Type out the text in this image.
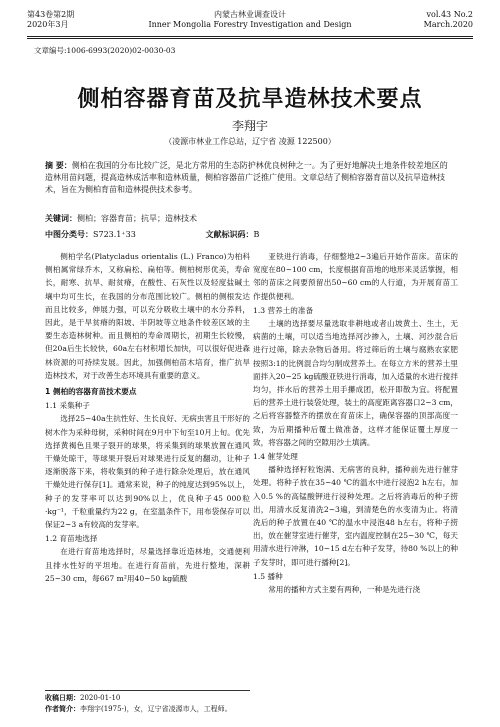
第43卷第2期
2020年3月
内蒙古林业调查设计
Inner Mongolia Forestry Investigation and Design
vol.43 No.2
March.2020
文章编号:1006-6993(2020)02-0030-03
侧柏容器育苗及抗旱造林技术要点
李翔宇
（凌源市林业工作总站，辽宁省 凌源 122500）

摘 要：侧柏在我国的分布比较广泛，是北方常用的生态防护林优良树种之一。为了更好地解决土地条件较差地区的造林用苗问题，提高造林成活率和造林质量，侧柏容器苗广泛推广使用。文章总结了侧柏容器育苗以及抗旱造林技术，旨在为侧柏育苗和造林提供技术参考。

关键词：侧柏；容器育苗；抗旱；造林技术
中图分类号：S723.1⁺33	文献标识码：B

侧柏学名(Platycladus orientalis (L.) Franco)为柏科侧柏属常绿乔木，又称扁松、扁柏等。侧柏树形优美，寿命长，耐寒、抗旱、耐贫瘠，在酸性、石灰性以及轻度盐碱土壤中均可生长，在我国的分布范围比较广。侧柏的侧根发达而且比较多，伸展力强，可以充分吸收土壤中的水分养料，因此，是干旱贫瘠的阳坡、半阴坡等立地条件较差区域的主要生态造林树种。而且侧柏的寿命周期长，初期生长较慢，但20a后生长较快，60a左右材积增长加快，可以很好促进森林资源的可持续发展。因此，加强侧柏苗木培育，推广抗旱造林技术，对于改善生态环境具有重要的意义。

1 侧柏的容器育苗技术要点

1.1 采集种子

选择25~40a生抗性好、生长良好、无病虫害且干形好的树木作为采种母树，采种时间在9月中下旬至10月上旬。优先选择黄褐色且果子裂开的球果，将采集到的球果放置在通风干燥处晾干，等球果开裂后对球果进行反复的翻动，让种子逐渐脱落下来，将收集到的种子进行除杂处理后，放在通风干燥处进行保存[1]。通常来说，种子的纯度达到95%以上，种子的发芽率可以达到90%以上，优良种子45 000粒·kg⁻¹，千粒重量约为22 g，在室温条件下，用布袋保存可以保证2~3 a有较高的发芽率。

1.2 育苗地选择

在进行育苗地选择时，尽量选择靠近造林地，交通便利且排水性好的平坦地。在进行育苗前，先进行整地，深耕25~30 cm，每667 m²用40~50 kg硫酸

亚铁进行消毒，仔细整地2~3遍后开始作苗床。苗床的宽度在80~100 cm，长度根据育苗地的地形来灵活掌握，相邻的苗床之间要预留出50~60 cm的人行道，为开展育苗工作提供便利。

1.3 营养土的准备

土壤的选择要尽量选取非耕地或者山坡黄土、生土，无病菌的土壤，可以适当地选择河沙掺入，土壤、河沙混合后进行过筛，除去杂物后备用。将过筛后的土壤与腐熟农家肥按照3:1的比例混合均匀制成营养土。在每立方米的营养土里面拌入20~25 kg硫酸亚铁进行消毒，加入适量的水进行搅拌均匀，拌水后的营养土用手攥成团，松开即散为宜。将配置后的营养土进行装袋处理，装土的高度距离容器口2~3 cm，之后将容器整齐的摆放在育苗床上，确保容器的顶部高度一致，为后期播种后覆土做准备，这样才能保证覆土厚度一致，将容器之间的空隙用沙土填满。

1.4 催芽处理

播种选择籽粒饱满、无病害的良种，播种前先进行催芽处理。将种子放在35~40 ℃的温水中进行浸泡2 h左右，加入0.5 %的高锰酸钾进行浸种处理。之后将消毒后的种子捞出，用清水反复清洗2~3遍，到清楚色的水变清为止。将清洗后的种子放置在40 ℃的温水中浸泡48 h左右，将种子捞出，放在催芽室进行催芽，室内温度控制在25~30 ℃，每天用清水进行冲淋，10~15 d左右种子发芽，待80 %以上的种子发芽时，即可进行播种[2]。

1.5 播种

常用的播种方式主要有两种，一种是先进行浇

收稿日期：2020-01-10
作者简介：李翔宇(1975-)，女，辽宁省凌源市人，工程师。
